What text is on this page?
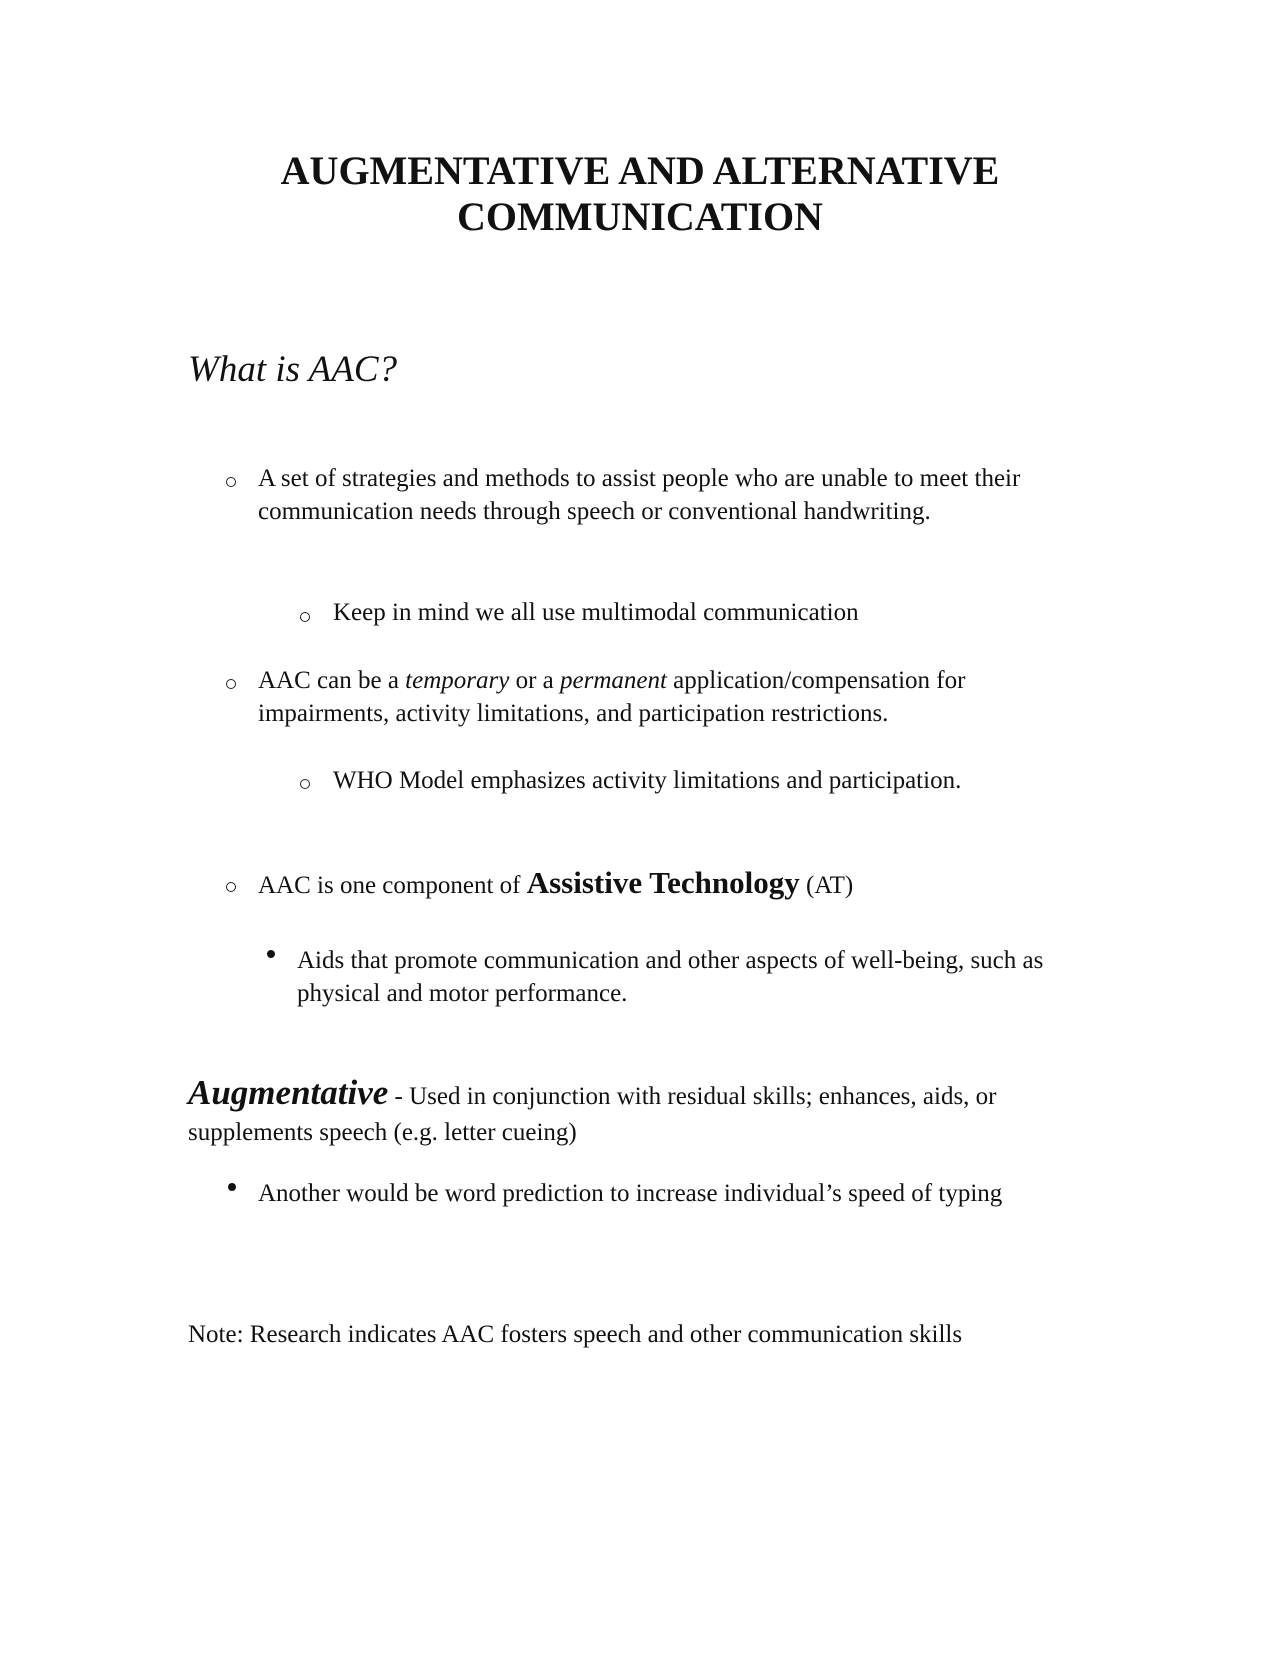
AUGMENTATIVE AND ALTERNATIVE
COMMUNICATION
What is AAC?
A set of strategies and methods to assist people who are unable to meet their communication needs through speech or conventional handwriting.
Keep in mind we all use multimodal communication
AAC can be a temporary or a permanent application/compensation for impairments, activity limitations, and participation restrictions.
WHO Model emphasizes activity limitations and participation.
AAC is one component of Assistive Technology (AT)
Aids that promote communication and other aspects of well-being, such as physical and motor performance.
Augmentative - Used in conjunction with residual skills; enhances, aids, or supplements speech (e.g. letter cueing)
Another would be word prediction to increase individual’s speed of typing
Note: Research indicates AAC fosters speech and other communication skills
